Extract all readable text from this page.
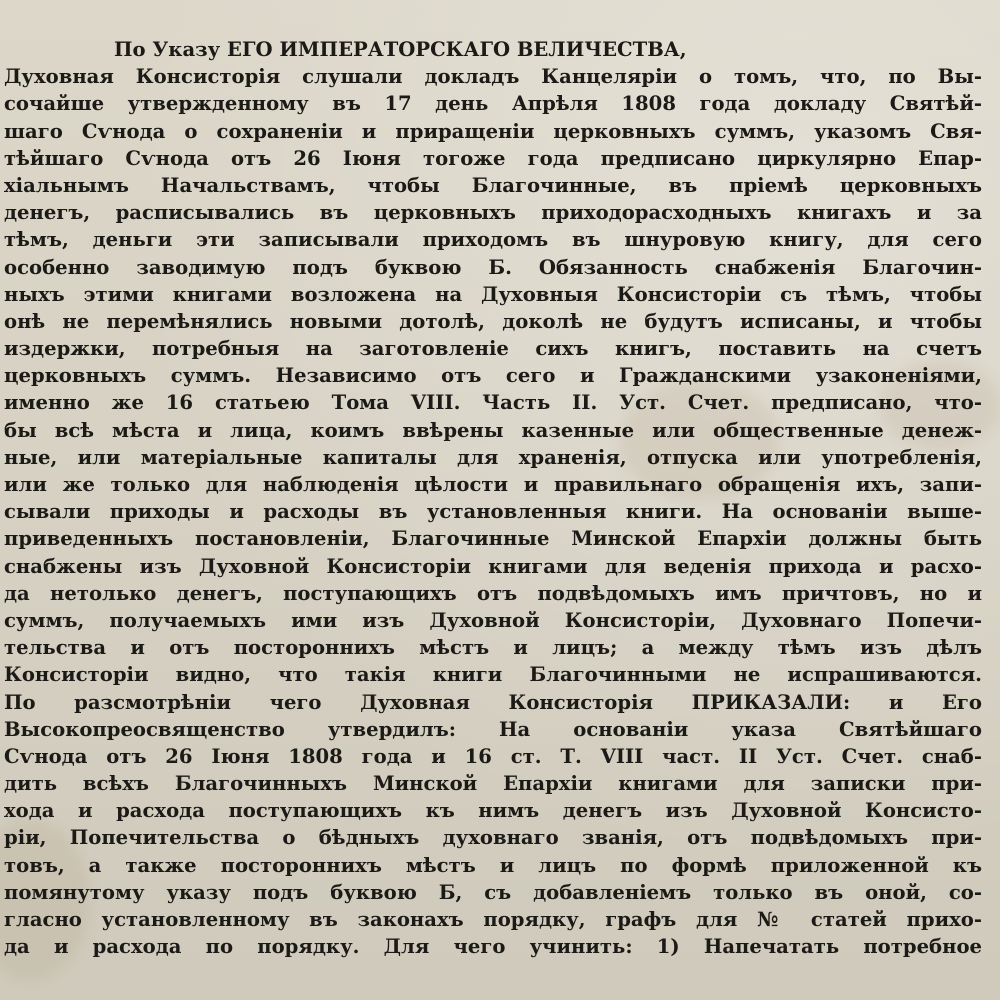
По Указу ЕГО ИМПЕРАТОРСКАГО ВЕЛИЧЕСТВА,
Духовная Консисторія слушали докладъ Канцеляріи о томъ, что, по Вы-
сочайше утвержденному въ 17 день Апрѣля 1808 года докладу Святѣй-
шаго Сѵнода о сохраненіи и приращеніи церковныхъ суммъ, указомъ Свя-
тѣйшаго Сѵнода отъ 26 Іюня тогоже года предписано циркулярно Епар-
хіальнымъ Начальствамъ, чтобы Благочинные, въ пріемѣ церковныхъ
денегъ, расписывались въ церковныхъ приходорасходныхъ книгахъ и за
тѣмъ, деньги эти записывали приходомъ въ шнуровую книгу, для сего
особенно заводимую подъ буквою Б. Обязанность снабженія Благочин-
ныхъ этими книгами возложена на Духовныя Консисторіи съ тѣмъ, чтобы
онѣ не перемѣнялись новыми дотолѣ, доколѣ не будутъ исписаны, и чтобы
издержки, потребныя на заготовленіе сихъ книгъ, поставить на счетъ
церковныхъ суммъ. Независимо отъ сего и Гражданскими узаконеніями,
именно же 16 статьею Тома VIII. Часть II. Уст. Счет. предписано, что-
бы всѣ мѣста и лица, коимъ ввѣрены казенные или общественные денеж-
ные, или матеріальные капиталы для храненія, отпуска или употребленія,
или же только для наблюденія цѣлости и правильнаго обращенія ихъ, запи-
сывали приходы и расходы въ установленныя книги. На основаніи выше-
приведенныхъ постановленіи, Благочинные Минской Епархіи должны быть
снабжены изъ Духовной Консисторіи книгами для веденія прихода и расхо-
да нетолько денегъ, поступающихъ отъ подвѣдомыхъ имъ причтовъ, но и
суммъ, получаемыхъ ими изъ Духовной Консисторіи, Духовнаго Попечи-
тельства и отъ постороннихъ мѣстъ и лицъ; а между тѣмъ изъ дѣлъ
Консисторіи видно, что такія книги Благочинными не испрашиваются.
По разсмотрѣніи чего Духовная Консисторія ПРИКАЗАЛИ: и Его
Высокопреосвященство утвердилъ: На основаніи указа Святѣйшаго
Сѵнода отъ 26 Іюня 1808 года и 16 ст. Т. VIII част. II Уст. Счет. снаб-
дить всѣхъ Благочинныхъ Минской Епархіи книгами для записки при-
хода и расхода поступающихъ къ нимъ денегъ изъ Духовной Консисто-
ріи, Попечительства о бѣдныхъ духовнаго званія, отъ подвѣдомыхъ при-
товъ, а также постороннихъ мѣстъ и лицъ по формѣ приложенной къ
помянутому указу подъ буквою Б, съ добавленіемъ только въ оной, со-
гласно установленному въ законахъ порядку, графъ для № статей прихо-
да и расхода по порядку. Для чего учинить: 1) Напечатать потребное
